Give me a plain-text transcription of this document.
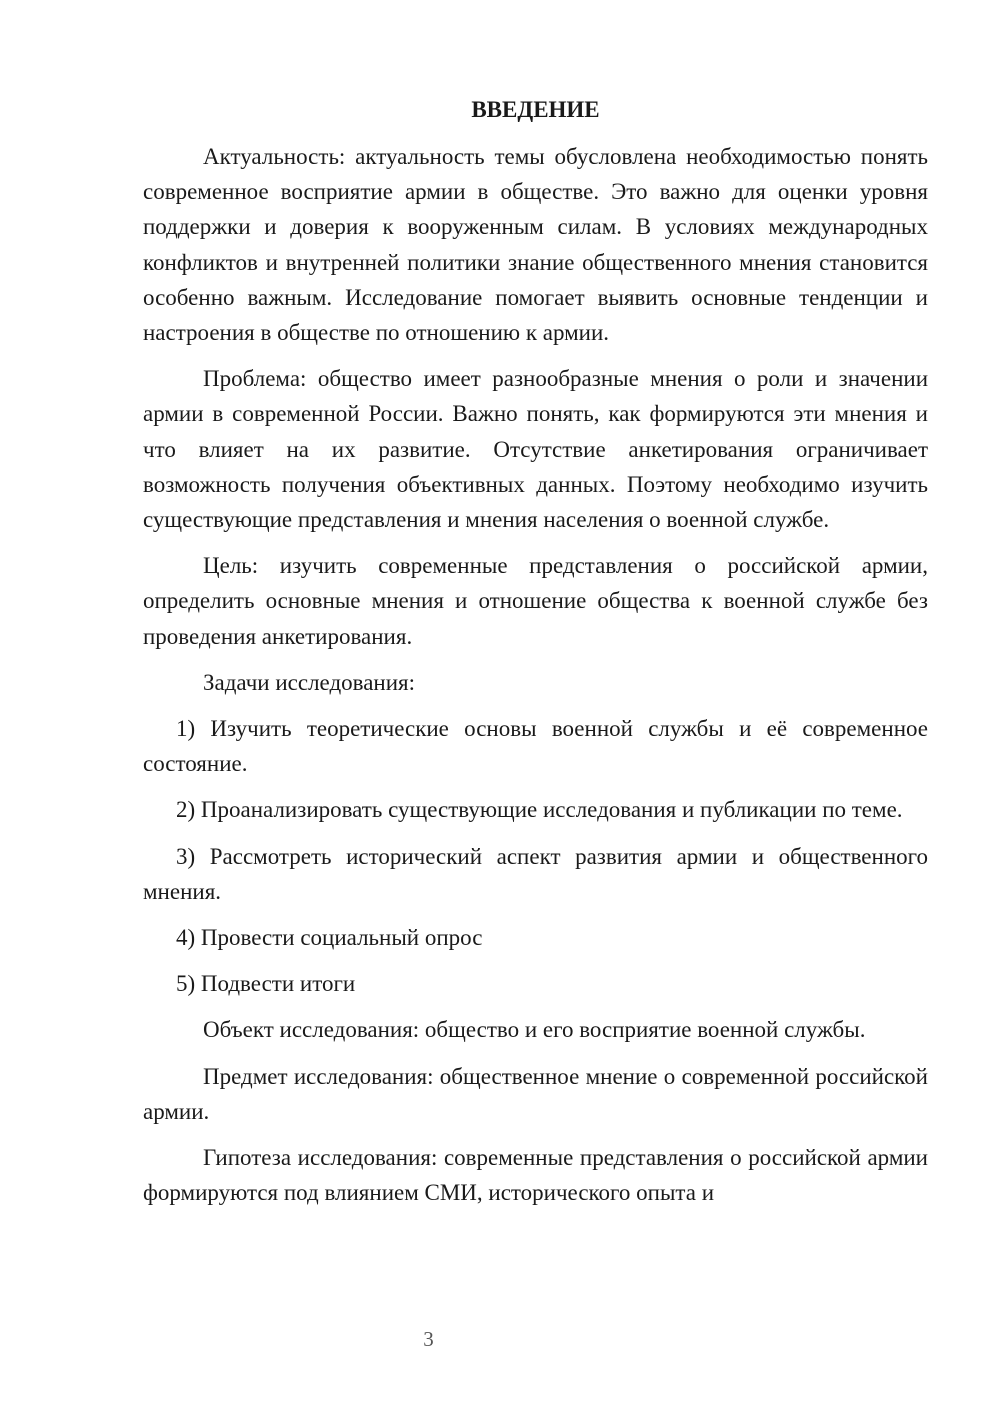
ВВЕДЕНИЕ

Актуальность: актуальность темы обусловлена необходимостью понять современное восприятие армии в обществе. Это важно для оценки уровня поддержки и доверия к вооруженным силам. В условиях международных конфликтов и внутренней политики знание общественного мнения становится особенно важным. Исследование помогает выявить основные тенденции и настроения в обществе по отношению к армии.

Проблема: общество имеет разнообразные мнения о роли и значении армии в современной России. Важно понять, как формируются эти мнения и что влияет на их развитие. Отсутствие анкетирования ограничивает возможность получения объективных данных. Поэтому необходимо изучить существующие представления и мнения населения о военной службе.

Цель: изучить современные представления о российской армии, определить основные мнения и отношение общества к военной службе без проведения анкетирования.

Задачи исследования:

1) Изучить теоретические основы военной службы и её современное состояние.

2) Проанализировать существующие исследования и публикации по теме.

3) Рассмотреть исторический аспект развития армии и общественного мнения.

4) Провести социальный опрос

5) Подвести итоги

Объект исследования: общество и его восприятие военной службы.

Предмет исследования: общественное мнение о современной российской армии.

Гипотеза исследования: современные представления о российской армии формируются под влиянием СМИ, исторического опыта и

3
